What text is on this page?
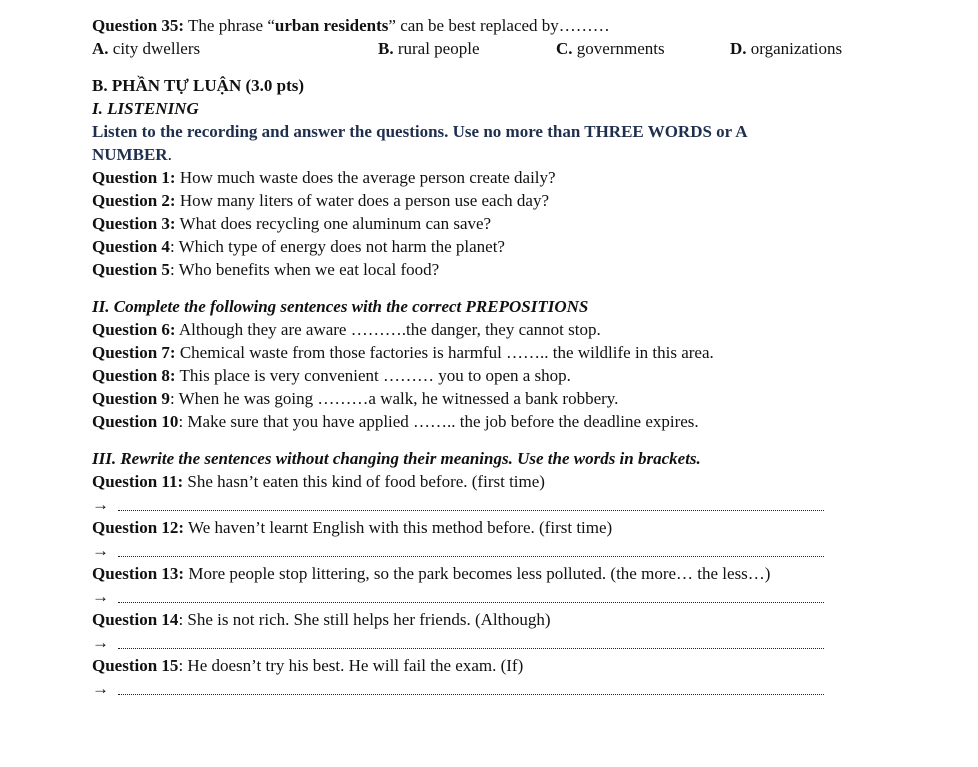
Question 35: The phrase “urban residents” can be best replaced by………
A. city dwellers	B. rural people	C. governments	D. organizations
B. PHẦN TỰ LUẬN (3.0 pts)
I. LISTENING
Listen to the recording and answer the questions. Use no more than THREE WORDS or A
NUMBER.
Question 1: How much waste does the average person create daily?
Question 2: How many liters of water does a person use each day?
Question 3: What does recycling one aluminum can save?
Question 4: Which type of energy does not harm the planet?
Question 5: Who benefits when we eat local food?
II. Complete the following sentences with the correct PREPOSITIONS
Question 6: Although they are aware ……….the danger, they cannot stop.
Question 7: Chemical waste from those factories is harmful …….. the wildlife in this area.
Question 8: This place is very convenient ……… you to open a shop.
Question 9: When he was going ………a walk, he witnessed a bank robbery.
Question 10: Make sure that you have applied …….. the job before the deadline expires.
III. Rewrite the sentences without changing their meanings. Use the words in brackets.
Question 11: She hasn’t eaten this kind of food before. (first time)
→
Question 12: We haven’t learnt English with this method before. (first time)
→
Question 13: More people stop littering, so the park becomes less polluted. (the more… the less…)
→
Question 14: She is not rich. She still helps her friends. (Although)
→
Question 15: He doesn’t try his best. He will fail the exam. (If)
→
